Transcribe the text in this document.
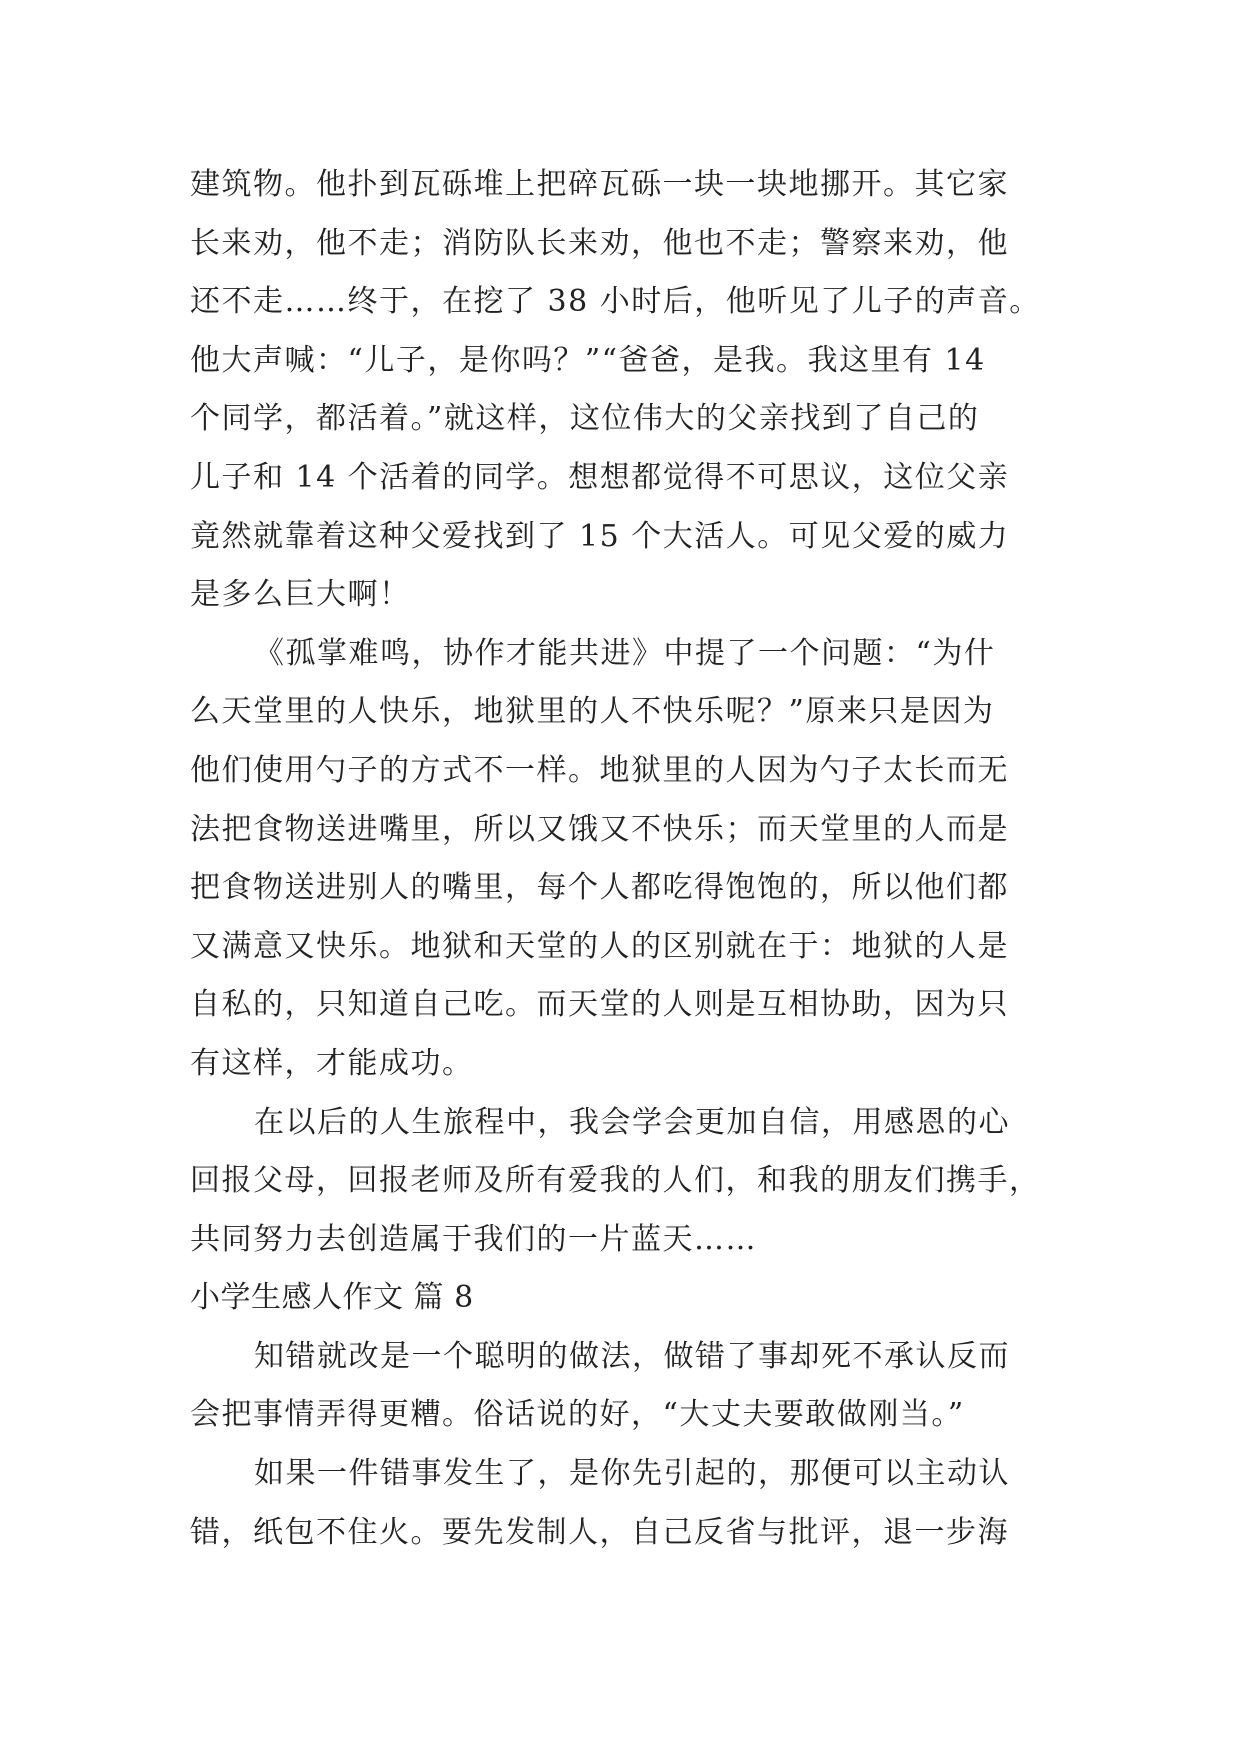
建筑物。他扑到瓦砾堆上把碎瓦砾一块一块地挪开。其它家
长来劝，他不走；消防队长来劝，他也不走；警察来劝，他
还不走……终于，在挖了 38 小时后，他听见了儿子的声音。
他大声喊：“儿子，是你吗？”“爸爸，是我。我这里有 14
个同学，都活着。”就这样，这位伟大的父亲找到了自己的
儿子和 14 个活着的同学。想想都觉得不可思议，这位父亲
竟然就靠着这种父爱找到了 15 个大活人。可见父爱的威力
是多么巨大啊！
《孤掌难鸣，协作才能共进》中提了一个问题：“为什
么天堂里的人快乐，地狱里的人不快乐呢？”原来只是因为
他们使用勺子的方式不一样。地狱里的人因为勺子太长而无
法把食物送进嘴里，所以又饿又不快乐；而天堂里的人而是
把食物送进别人的嘴里，每个人都吃得饱饱的，所以他们都
又满意又快乐。地狱和天堂的人的区别就在于：地狱的人是
自私的，只知道自己吃。而天堂的人则是互相协助，因为只
有这样，才能成功。
在以后的人生旅程中，我会学会更加自信，用感恩的心
回报父母，回报老师及所有爱我的人们，和我的朋友们携手，
共同努力去创造属于我们的一片蓝天……
小学生感人作文 篇 8
知错就改是一个聪明的做法，做错了事却死不承认反而
会把事情弄得更糟。俗话说的好，“大丈夫要敢做刚当。”
如果一件错事发生了，是你先引起的，那便可以主动认
错，纸包不住火。要先发制人，自己反省与批评，退一步海
